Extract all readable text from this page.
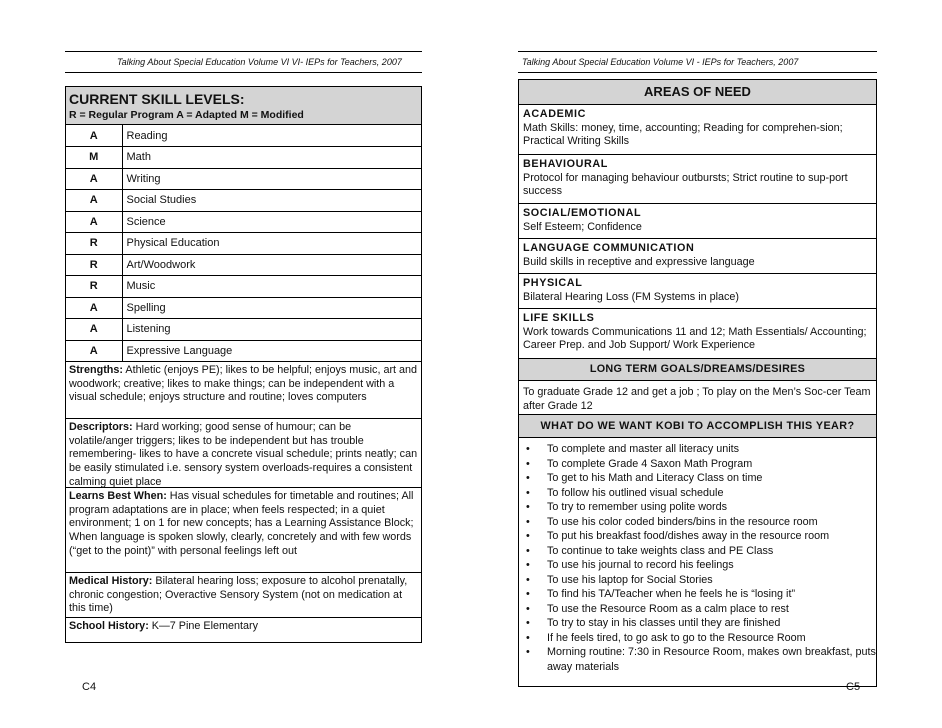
Talking About Special Education Volume VI VI- IEPs for Teachers, 2007
CURRENT SKILL LEVELS:
R = Regular Program A = Adapted M = Modified
A	Reading
M	Math
A	Writing
A	Social Studies
A	Science
R	Physical Education
R	Art/Woodwork
R	Music
A	Spelling
A	Listening
A	Expressive Language
Strengths: Athletic (enjoys PE); likes to be helpful; enjoys music, art and woodwork; creative; likes to make things; can be independent with a visual schedule; enjoys structure and routine; loves computers
Descriptors: Hard working; good sense of humour; can be volatile/anger triggers; likes to be independent but has trouble remembering- likes to have a concrete visual schedule; prints neatly; can be easily stimulated i.e. sensory system overloads-requires a consistent calming quiet place
Learns Best When: Has visual schedules for timetable and routines; All program adaptations are in place; when feels respected; in a quiet environment; 1 on 1 for new concepts; has a Learning Assistance Block; When language is spoken slowly, clearly, concretely and with few words (“get to the point)” with personal feelings left out
Medical History: Bilateral hearing loss; exposure to alcohol prenatally, chronic congestion; Overactive Sensory System (not on medication at this time)
School History: K—7 Pine Elementary
C4
Talking About Special Education Volume VI - IEPs for Teachers, 2007
C5
AREAS OF NEED
ACADEMIC
Math Skills: money, time, accounting; Reading for comprehen-sion; Practical Writing Skills
BEHAVIOURAL
Protocol for managing behaviour outbursts; Strict routine to sup-port success
SOCIAL/EMOTIONAL
Self Esteem; Confidence
LANGUAGE COMMUNICATION
Build skills in receptive and expressive language
PHYSICAL
Bilateral Hearing Loss (FM Systems in place)
LIFE SKILLS
Work towards Communications 11 and 12; Math Essentials/ Accounting; Career Prep. and Job Support/ Work Experience
LONG TERM GOALS/DREAMS/DESIRES
To graduate Grade 12 and get a job ; To play on the Men’s Soc-cer Team after Grade 12
WHAT DO WE WANT KOBI TO ACCOMPLISH THIS YEAR?
• To complete and master all literacy units
• To complete Grade 4 Saxon Math Program
• To get to his Math and Literacy Class on time
• To follow his outlined visual schedule
• To try to remember using polite words
• To use his color coded binders/bins in the resource room
• To put his breakfast food/dishes away in the resource room
• To continue to take weights class and PE Class
• To use his journal to record his feelings
• To use his laptop for Social Stories
• To find his TA/Teacher when he feels he is “losing it”
• To use the Resource Room as a calm place to rest
• To try to stay in his classes until they are finished
• If he feels tired, to go ask to go to the Resource Room
• Morning routine: 7:30 in Resource Room, makes own breakfast, puts away materials
